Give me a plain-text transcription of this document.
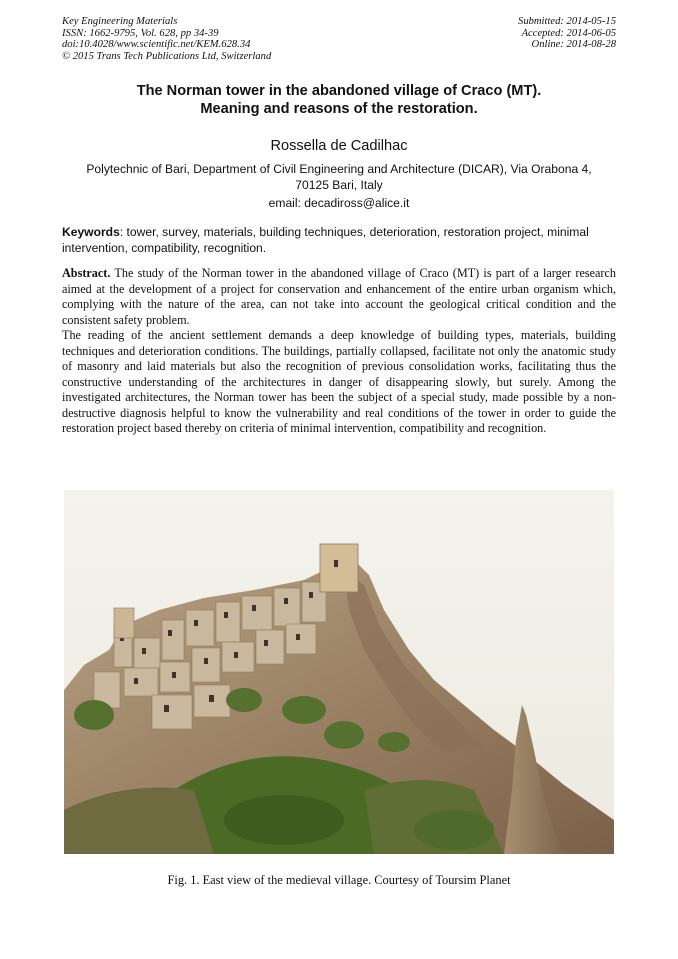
Key Engineering Materials
ISSN: 1662-9795, Vol. 628, pp 34-39
doi:10.4028/www.scientific.net/KEM.628.34
© 2015 Trans Tech Publications Ltd, Switzerland
Submitted: 2014-05-15
Accepted: 2014-06-05
Online: 2014-08-28
The Norman tower in the abandoned village of Craco (MT).
Meaning and reasons of the restoration.
Rossella de Cadilhac
Polytechnic of Bari, Department of Civil Engineering and Architecture (DICAR), Via Orabona 4,
70125 Bari, Italy
email: decadiross@alice.it
Keywords: tower, survey, materials, building techniques, deterioration, restoration project, minimal intervention, compatibility, recognition.

Abstract. The study of the Norman tower in the abandoned village of Craco (MT) is part of a larger research aimed at the development of a project for conservation and enhancement of the entire urban organism which, complying with the nature of the area, can not take into account the geological critical condition and the consistent safety problem.

The reading of the ancient settlement demands a deep knowledge of building types, materials, building techniques and deterioration conditions. The buildings, partially collapsed, facilitate not only the anatomic study of masonry and laid materials but also the recognition of previous consolidation works, facilitating thus the constructive understanding of the architectures in danger of disappearing slowly, but surely. Among the investigated architectures, the Norman tower has been the subject of a special study, made possible by a non-destructive diagnosis helpful to know the vulnerability and real conditions of the tower in order to guide the restoration project based thereby on criteria of minimal intervention, compatibility and recognition.

Fig. 1. East view of the medieval village. Courtesy of Toursim Planet
